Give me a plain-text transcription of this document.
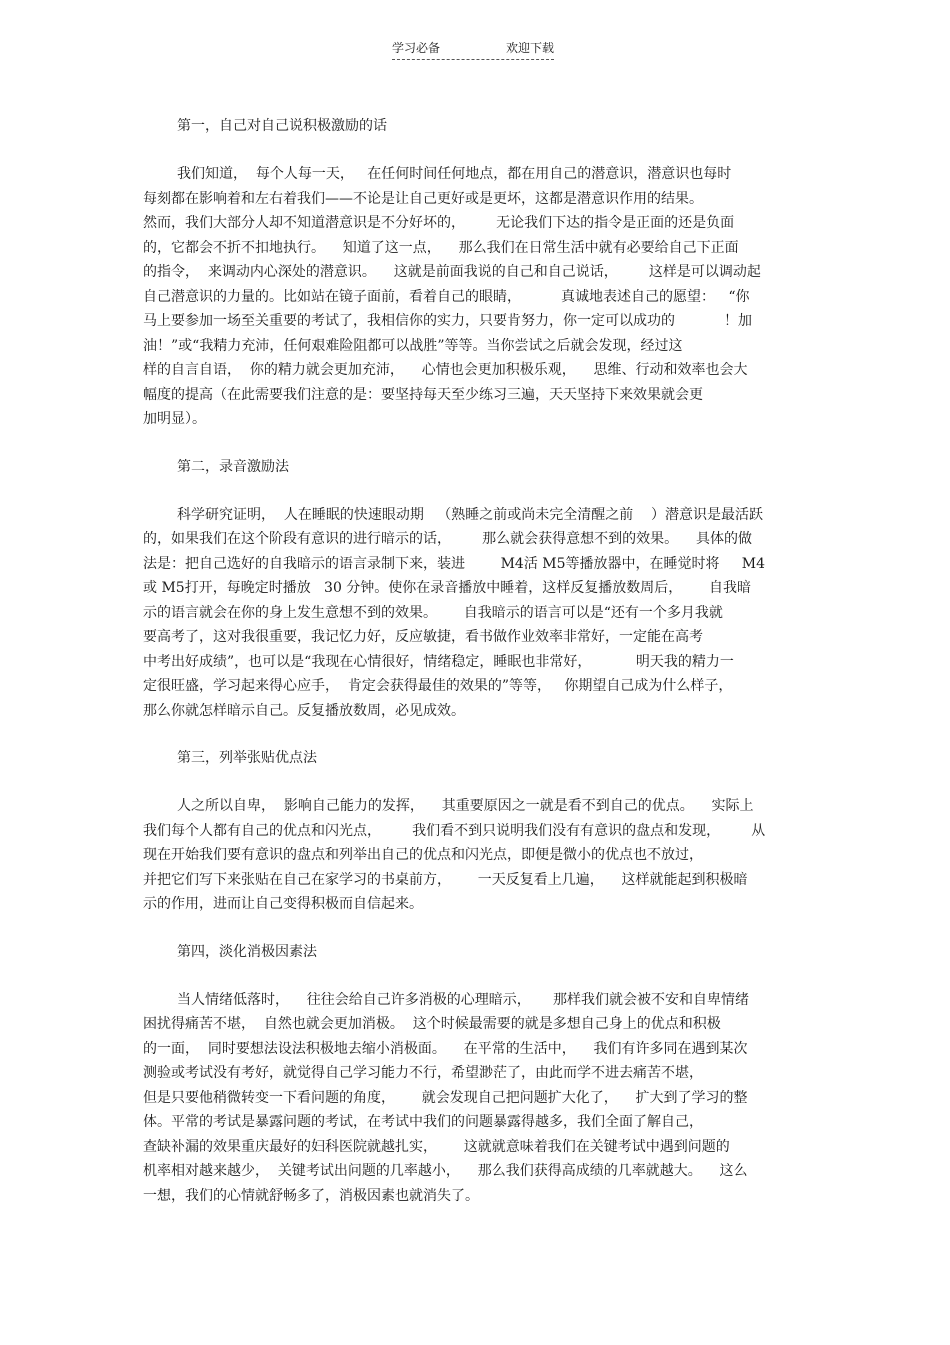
学习必备	欢迎下载
第一，自己对自己说积极激励的话
我们知道，  每个人每一天，   在任何时间任何地点，都在用自己的潜意识，潜意识也每时
每刻都在影响着和左右着我们——不论是让自己更好或是更坏，这都是潜意识作用的结果。
然而，我们大部分人却不知道潜意识是不分好坏的，       无论我们下达的指令是正面的还是负面
的，它都会不折不扣地执行。    知道了这一点，    那么我们在日常生活中就有必要给自己下正面
的指令，  来调动内心深处的潜意识。    这就是前面我说的自己和自己说话，       这样是可以调动起
自己潜意识的力量的。比如站在镜子面前，看着自己的眼睛，         真诚地表述自己的愿望：   “你
马上要参加一场至关重要的考试了，我相信你的实力，只要肯努力，你一定可以成功的           ！加
油！”或“我精力充沛，任何艰难险阻都可以战胜”等等。当你尝试之后就会发现，经过这
样的自言自语，  你的精力就会更加充沛，    心情也会更加积极乐观，    思维、行动和效率也会大
幅度的提高（在此需要我们注意的是：要坚持每天至少练习三遍，天天坚持下来效果就会更
加明显）。
第二，录音激励法
科学研究证明，  人在睡眠的快速眼动期   （熟睡之前或尚未完全清醒之前    ）潜意识是最活跃
的，如果我们在这个阶段有意识的进行暗示的话，       那么就会获得意想不到的效果。    具体的做
法是：把自己选好的自我暗示的语言录制下来，装进        M4活 M5等播放器中，在睡觉时将     M4
或 M5打开，每晚定时播放   30 分钟。使你在录音播放中睡着，这样反复播放数周后，      自我暗
示的语言就会在你的身上发生意想不到的效果。      自我暗示的语言可以是“还有一个多月我就
要高考了，这对我很重要，我记忆力好，反应敏捷，看书做作业效率非常好，一定能在高考
中考出好成绩”，也可以是“我现在心情很好，情绪稳定，睡眠也非常好，          明天我的精力一
定很旺盛，学习起来得心应手，  肯定会获得最佳的效果的”等等，   你期望自己成为什么样子，
那么你就怎样暗示自己。反复播放数周，必见成效。
第三，列举张贴优点法
人之所以自卑，  影响自己能力的发挥，    其重要原因之一就是看不到自己的优点。    实际上
我们每个人都有自己的优点和闪光点，       我们看不到只说明我们没有有意识的盘点和发现，       从
现在开始我们要有意识的盘点和列举出自己的优点和闪光点，即便是微小的优点也不放过，
并把它们写下来张贴在自己在家学习的书桌前方，      一天反复看上几遍，    这样就能起到积极暗
示的作用，进而让自己变得积极而自信起来。
第四，淡化消极因素法
当人情绪低落时，    往往会给自己许多消极的心理暗示，     那样我们就会被不安和自卑情绪
困扰得痛苦不堪，  自然也就会更加消极。  这个时候最需要的就是多想自己身上的优点和积极
的一面，  同时要想法设法积极地去缩小消极面。    在平常的生活中，    我们有许多同在遇到某次
测验或考试没有考好，就觉得自己学习能力不行，希望渺茫了，由此而学不进去痛苦不堪，
但是只要他稍微转变一下看问题的角度，      就会发现自己把问题扩大化了，    扩大到了学习的整
体。平常的考试是暴露问题的考试，在考试中我们的问题暴露得越多，我们全面了解自己，
查缺补漏的效果重庆最好的妇科医院就越扎实，      这就就意味着我们在关键考试中遇到问题的
机率相对越来越少，  关键考试出问题的几率越小，    那么我们获得高成绩的几率就越大。    这么
一想，我们的心情就舒畅多了，消极因素也就消失了。
